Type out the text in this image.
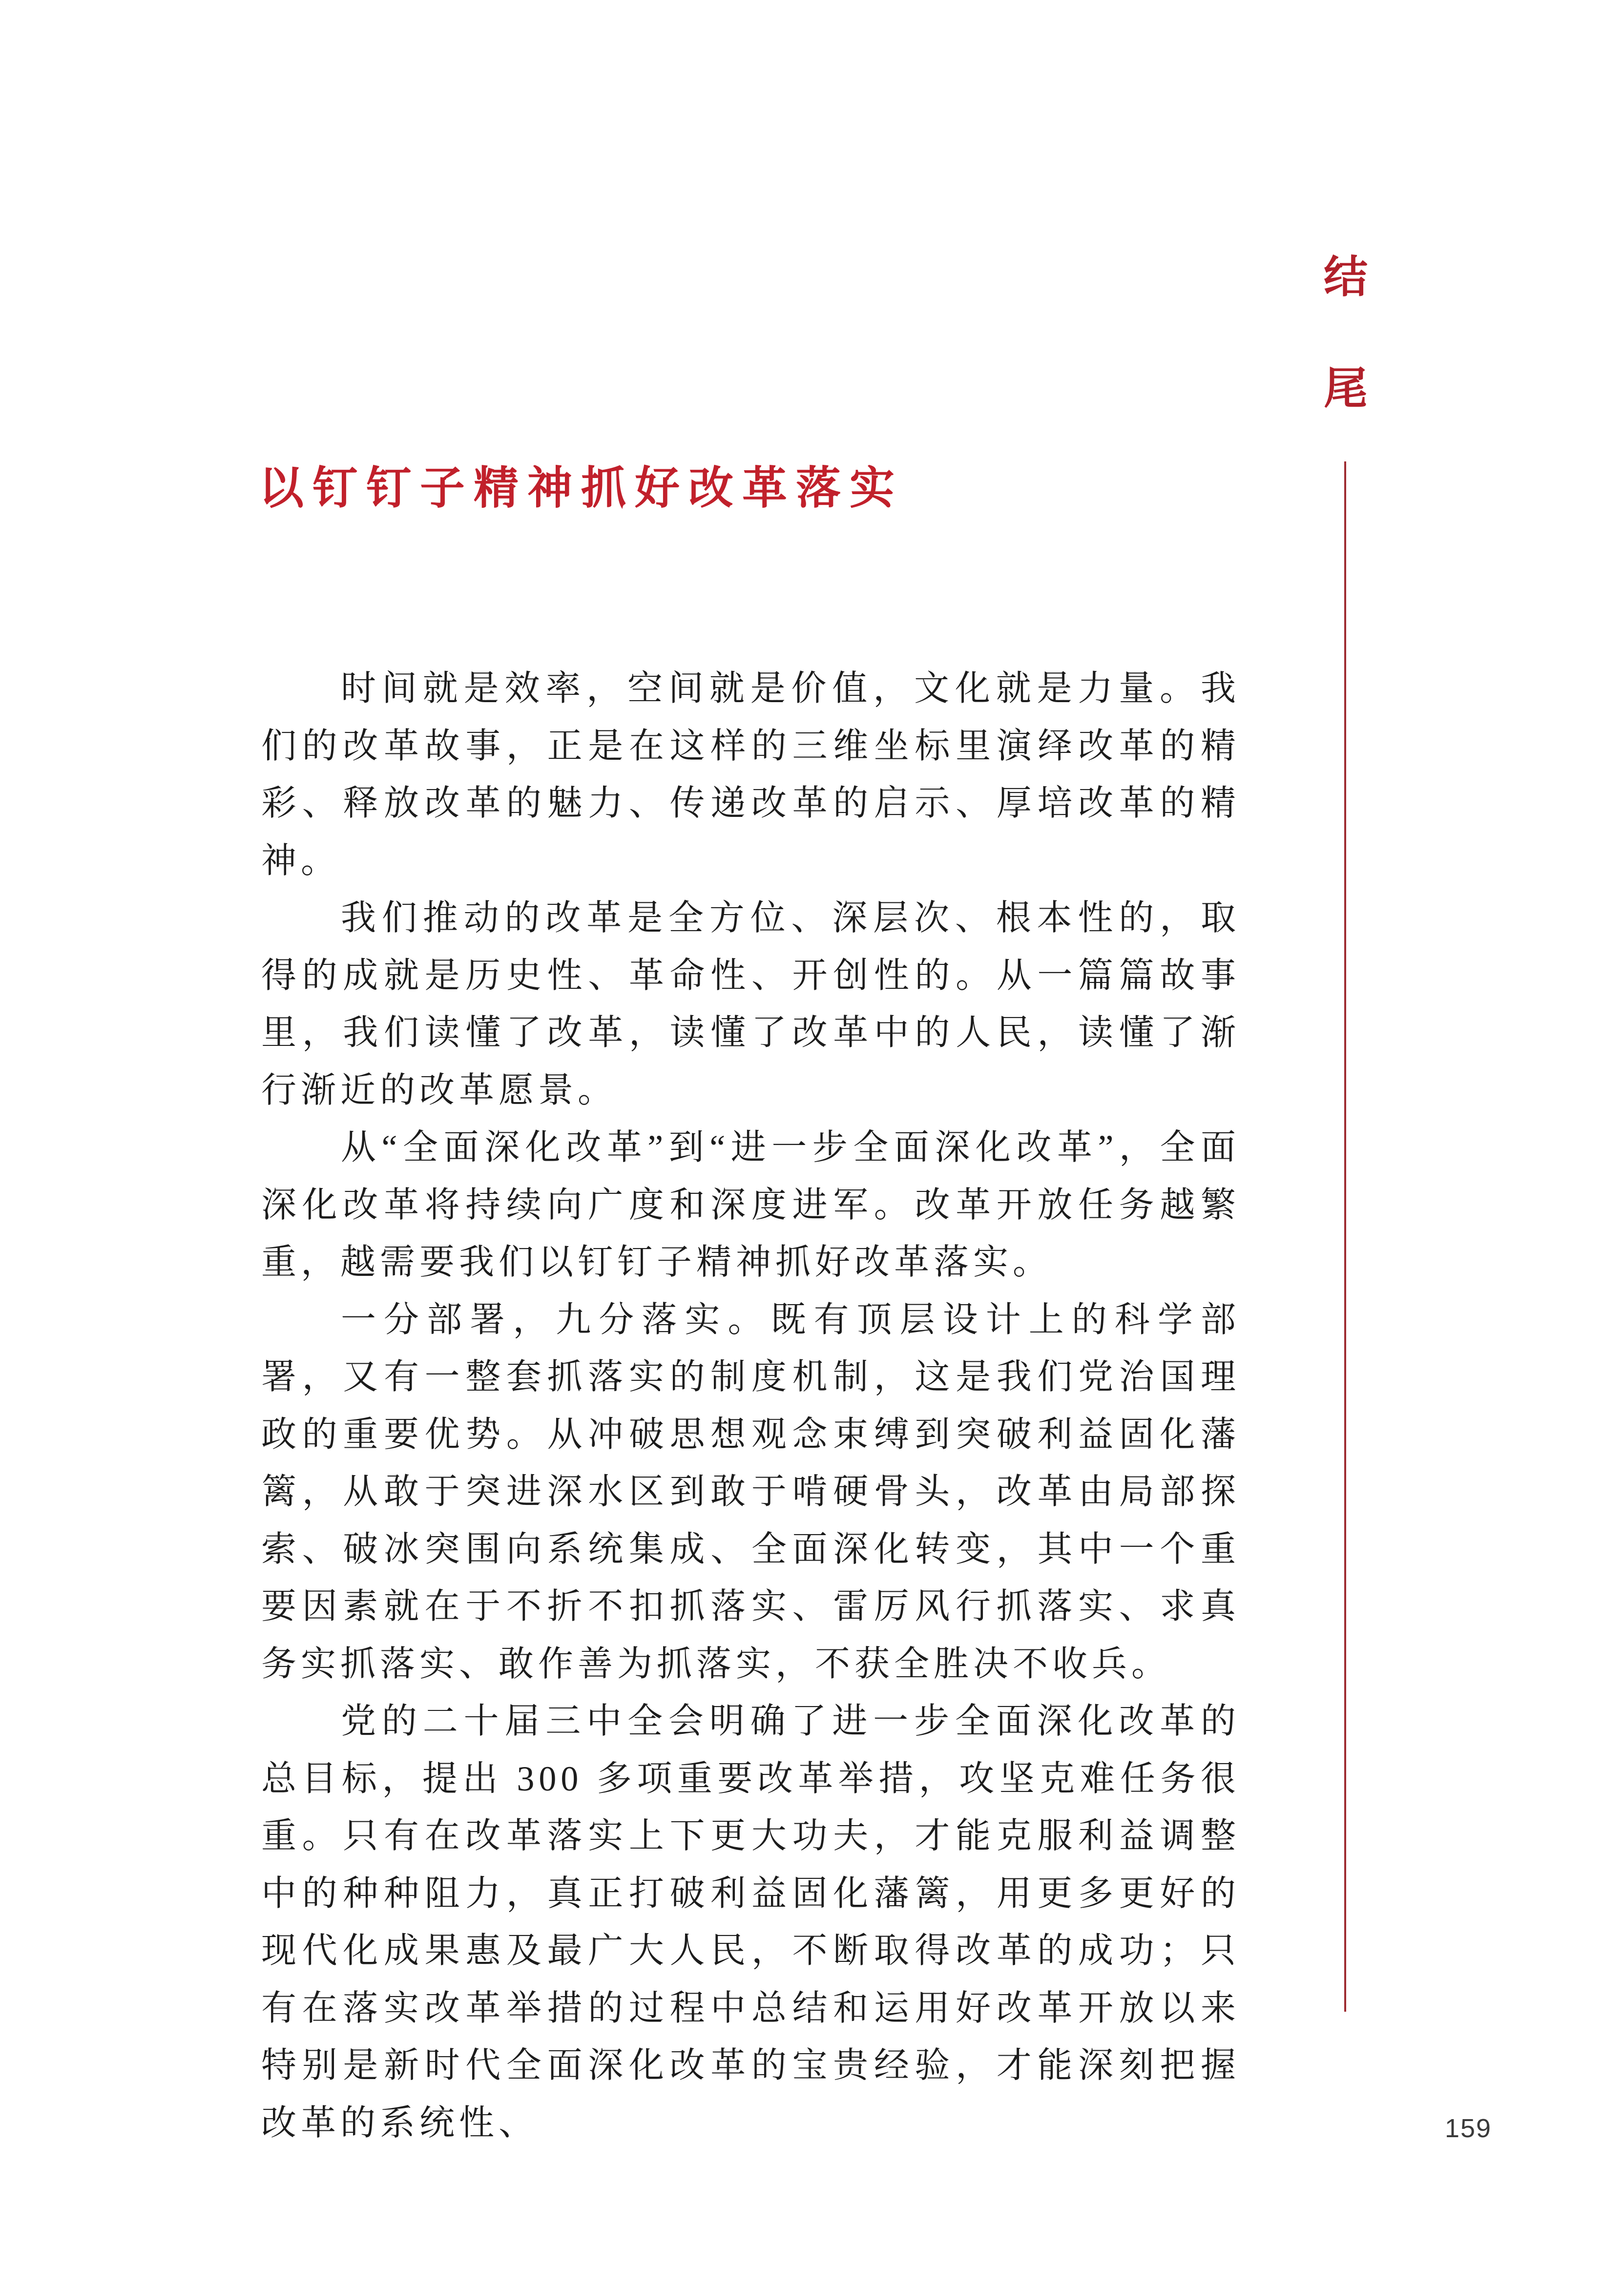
结
尾
以钉钉子精神抓好改革落实

时间就是效率，空间就是价值，文化就是力量。我们的改革故事，正是在这样的三维坐标里演绎改革的精彩、释放改革的魅力、传递改革的启示、厚培改革的精神。

我们推动的改革是全方位、深层次、根本性的，取得的成就是历史性、革命性、开创性的。从一篇篇故事里，我们读懂了改革，读懂了改革中的人民，读懂了渐行渐近的改革愿景。

从“全面深化改革”到“进一步全面深化改革”，全面深化改革将持续向广度和深度进军。改革开放任务越繁重，越需要我们以钉钉子精神抓好改革落实。

一分部署，九分落实。既有顶层设计上的科学部署，又有一整套抓落实的制度机制，这是我们党治国理政的重要优势。从冲破思想观念束缚到突破利益固化藩篱，从敢于突进深水区到敢于啃硬骨头，改革由局部探索、破冰突围向系统集成、全面深化转变，其中一个重要因素就在于不折不扣抓落实、雷厉风行抓落实、求真务实抓落实、敢作善为抓落实，不获全胜决不收兵。

党的二十届三中全会明确了进一步全面深化改革的总目标，提出 300 多项重要改革举措，攻坚克难任务很重。只有在改革落实上下更大功夫，才能克服利益调整中的种种阻力，真正打破利益固化藩篱，用更多更好的现代化成果惠及最广大人民，不断取得改革的成功；只有在落实改革举措的过程中总结和运用好改革开放以来特别是新时代全面深化改革的宝贵经验，才能深刻把握改革的系统性、	159
